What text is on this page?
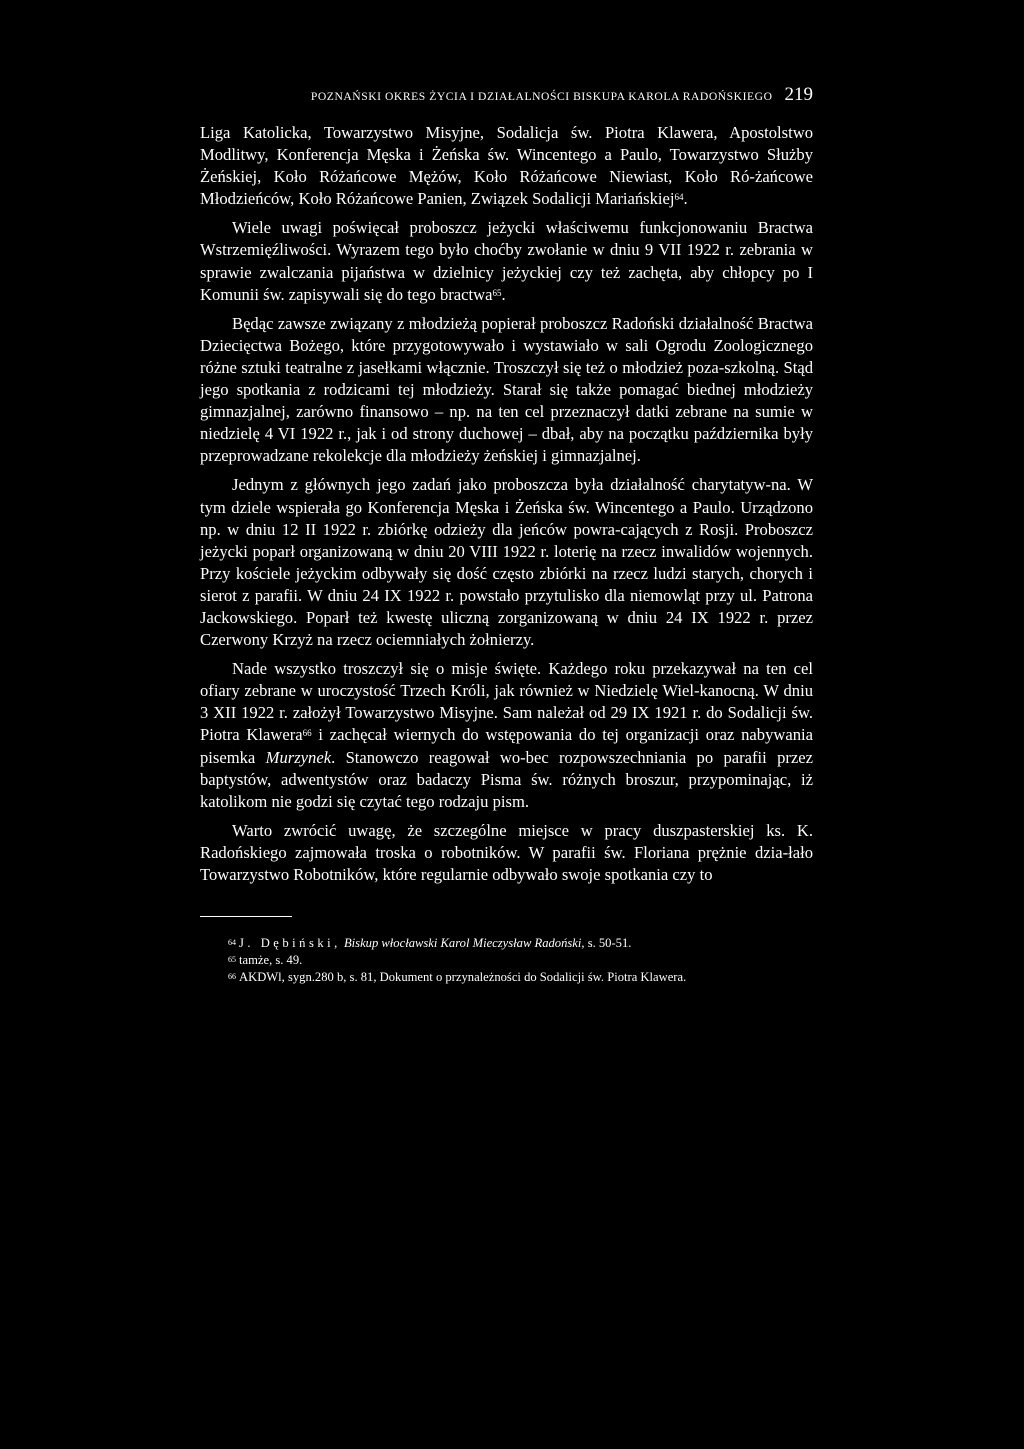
POZNAŃSKI OKRES ŻYCIA I DZIAŁALNOŚCI BISKUPA KAROLA RADOŃSKIEGO 219

Liga Katolicka, Towarzystwo Misyjne, Sodalicja św. Piotra Klawera, Apostolstwo Modlitwy, Konferencja Męska i Żeńska św. Wincentego a Paulo, Towarzystwo Służby Żeńskiej, Koło Różańcowe Mężów, Koło Różańcowe Niewiast, Koło Ró-żańcowe Młodzieńców, Koło Różańcowe Panien, Związek Sodalicji Mariańskiej$^{64}$.

Wiele uwagi poświęcał proboszcz jeżycki właściwemu funkcjonowaniu Bractwa Wstrzemięźliwości. Wyrazem tego było choćby zwołanie w dniu 9 VII 1922 r. zebrania w sprawie zwalczania pijaństwa w dzielnicy jeżyckiej czy też zachęta, aby chłopcy po I Komunii św. zapisywali się do tego bractwa$^{65}$.

Będąc zawsze związany z młodzieżą popierał proboszcz Radoński działalność Bractwa Dziecięctwa Bożego, które przygotowywało i wystawiało w sali Ogrodu Zoologicznego różne sztuki teatralne z jasełkami włącznie. Troszczył się też o młodzież poza-szkolną. Stąd jego spotkania z rodzicami tej młodzieży. Starał się także pomagać biednej młodzieży gimnazjalnej, zarówno finansowo – np. na ten cel przeznaczył datki zebrane na sumie w niedzielę 4 VI 1922 r., jak i od strony duchowej – dbał, aby na początku października były przeprowadzane rekolekcje dla młodzieży żeńskiej i gimnazjalnej.

Jednym z głównych jego zadań jako proboszcza była działalność charytatyw-na. W tym dziele wspierała go Konferencja Męska i Żeńska św. Wincentego a Paulo. Urządzono np. w dniu 12 II 1922 r. zbiórkę odzieży dla jeńców powra-cających z Rosji. Proboszcz jeżycki poparł organizowaną w dniu 20 VIII 1922 r. loterię na rzecz inwalidów wojennych. Przy kościele jeżyckim odbywały się dość często zbiórki na rzecz ludzi starych, chorych i sierot z parafii. W dniu 24 IX 1922 r. powstało przytulisko dla niemowląt przy ul. Patrona Jackowskiego. Poparł też kwestę uliczną zorganizowaną w dniu 24 IX 1922 r. przez Czerwony Krzyż na rzecz ociemniałych żołnierzy.

Nade wszystko troszczył się o misje święte. Każdego roku przekazywał na ten cel ofiary zebrane w uroczystość Trzech Króli, jak również w Niedzielę Wiel-kanocną. W dniu 3 XII 1922 r. założył Towarzystwo Misyjne. Sam należał od 29 IX 1921 r. do Sodalicji św. Piotra Klawera$^{66}$ i zachęcał wiernych do wstępowania do tej organizacji oraz nabywania pisemka Murzynek. Stanowczo reagował wo-bec rozpowszechniania po parafii przez baptystów, adwentystów oraz badaczy Pisma św. różnych broszur, przypominając, iż katolikom nie godzi się czytać tego rodzaju pism.

Warto zwrócić uwagę, że szczególne miejsce w pracy duszpasterskiej ks. K. Radońskiego zajmowała troska o robotników. W parafii św. Floriana prężnie dzia-łało Towarzystwo Robotników, które regularnie odbywało swoje spotkania czy to

$^{64}$ J. Dębiński, Biskup włocławski Karol Mieczysław Radoński, s. 50-51.
$^{65}$ tamże, s. 49.
$^{66}$ AKDWl, sygn.280 b, s. 81, Dokument o przynależności do Sodalicji św. Piotra Klawera.
